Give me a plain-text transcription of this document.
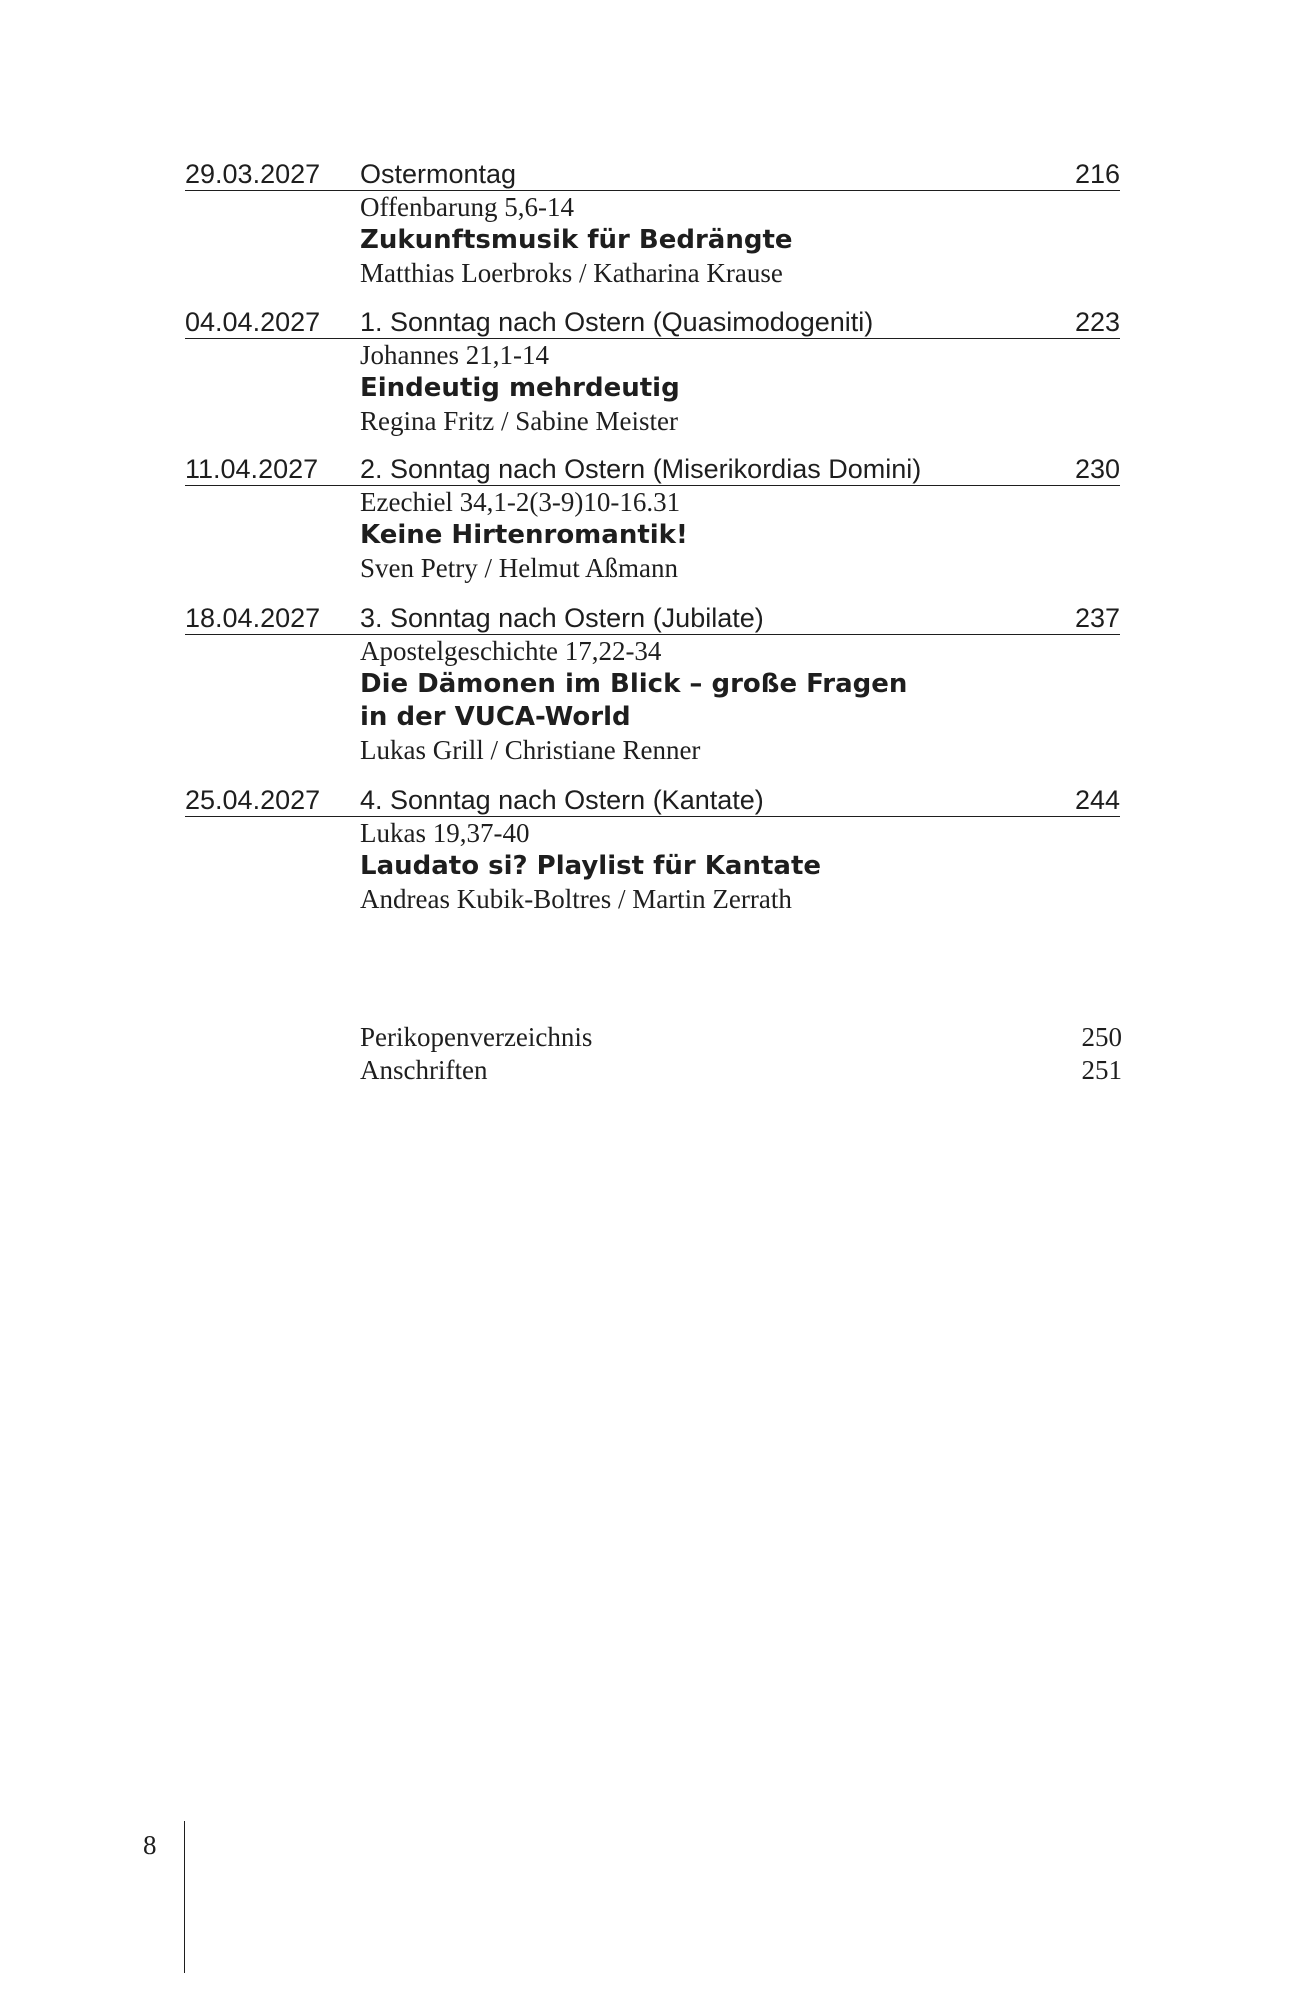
29.03.2027 Ostermontag	216
Offenbarung 5,6-14
Zukunftsmusik für Bedrängte
Matthias Loerbroks / Katharina Krause
04.04.2027 1. Sonntag nach Ostern (Quasimodogeniti)	223
Johannes 21,1-14
Eindeutig mehrdeutig
Regina Fritz / Sabine Meister
11.04.2027 2. Sonntag nach Ostern (Miserikordias Domini)	230
Ezechiel 34,1-2(3-9)10-16.31
Keine Hirtenromantik!
Sven Petry / Helmut Aßmann
18.04.2027 3. Sonntag nach Ostern (Jubilate)	237
Apostelgeschichte 17,22-34
Die Dämonen im Blick – große Fragen
in der VUCA-World
Lukas Grill / Christiane Renner
25.04.2027 4. Sonntag nach Ostern (Kantate)	244
Lukas 19,37-40
Laudato si? Playlist für Kantate
Andreas Kubik-Boltres / Martin Zerrath
Perikopenverzeichnis	250
Anschriften	251
8
